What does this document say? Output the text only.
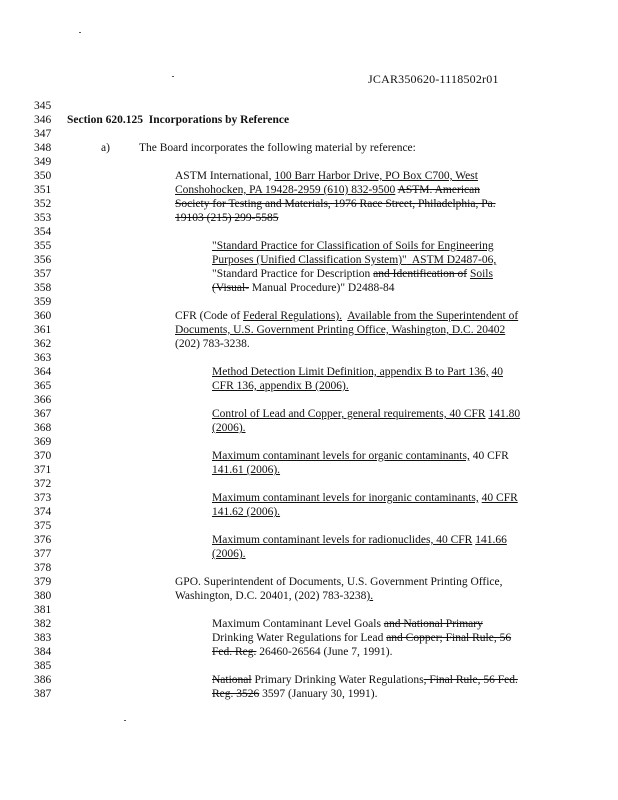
JCAR350620-1118502r01
345
346
347
348
349
350
351
352
353
354
355
356
357
358
359
360
361
362
363
364
365
366
367
368
369
370
371
372
373
374
375
376
377
378
379
380
381
382
383
384
385
386
387
Section 620.125 Incorporations by Reference
a)	The Board incorporates the following material by reference:
ASTM International, 100 Barr Harbor Drive, PO Box C700, West
Conshohocken, PA 19428-2959 (610) 832-9500 ASTM. American
Society for Testing and Materials, 1976 Race Street, Philadelphia, Pa.
19103 (215) 299-5585
"Standard Practice for Classification of Soils for Engineering
Purposes (Unified Classification System)" ASTM D2487-06,
"Standard Practice for Description and Identification of Soils
(Visual- Manual Procedure)" D2488-84
CFR (Code of Federal Regulations). Available from the Superintendent of
Documents, U.S. Government Printing Office, Washington, D.C. 20402
(202) 783-3238.
Method Detection Limit Definition, appendix B to Part 136, 40
CFR 136, appendix B (2006).
Control of Lead and Copper, general requirements, 40 CFR 141.80
(2006).
Maximum contaminant levels for organic contaminants, 40 CFR
141.61 (2006).
Maximum contaminant levels for inorganic contaminants, 40 CFR
141.62 (2006).
Maximum contaminant levels for radionuclides, 40 CFR 141.66
(2006).
GPO. Superintendent of Documents, U.S. Government Printing Office,
Washington, D.C. 20401, (202) 783-3238).
Maximum Contaminant Level Goals and National Primary
Drinking Water Regulations for Lead and Copper; Final Rule, 56
Fed. Reg. 26460-26564 (June 7, 1991).
National Primary Drinking Water Regulations, Final Rule, 56 Fed.
Reg. 3526 3597 (January 30, 1991).
